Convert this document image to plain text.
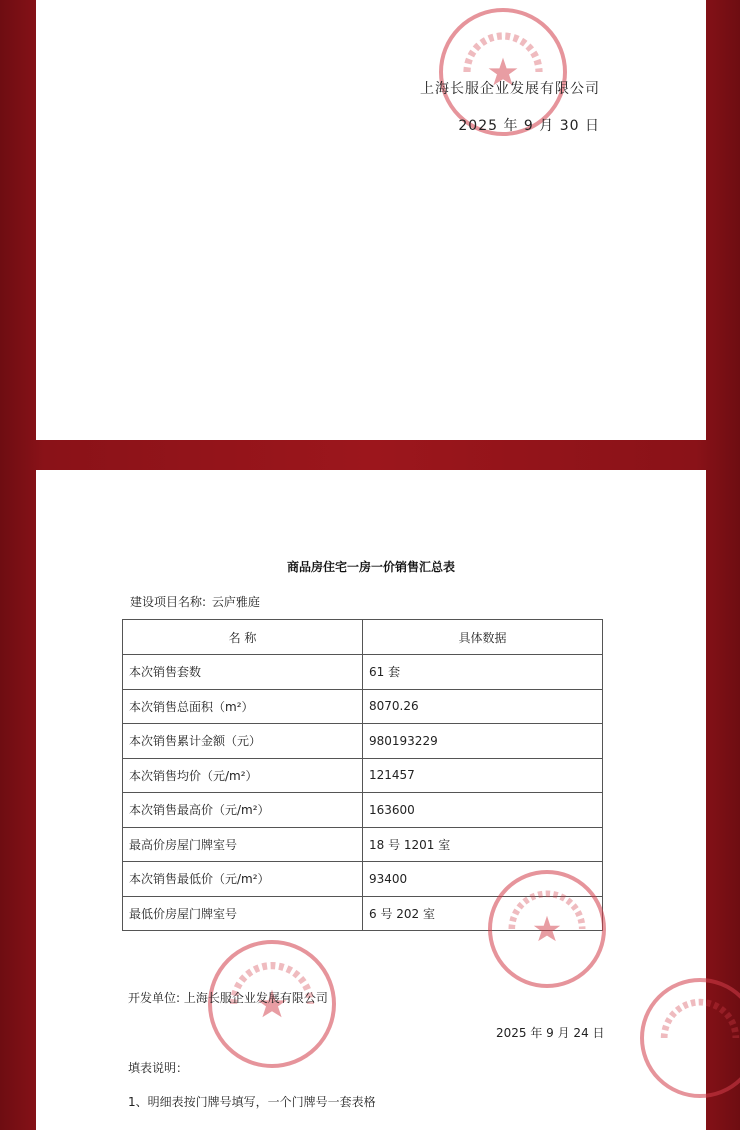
上海长服企业发展有限公司
2025 年 9 月 30 日
商品房住宅一房一价销售汇总表
建设项目名称: 云庐雅庭
名 称	具体数据
本次销售套数	61 套
本次销售总面积（m²）	8070.26
本次销售累计金额（元）	980193229
本次销售均价（元/m²）	121457
本次销售最高价（元/m²）	163600
最高价房屋门牌室号	18 号 1201 室
本次销售最低价（元/m²）	93400
最低价房屋门牌室号	6 号 202 室
开发单位: 上海长服企业发展有限公司
2025 年 9 月 24 日
填表说明：
1、明细表按门牌号填写，一个门牌号一套表格
